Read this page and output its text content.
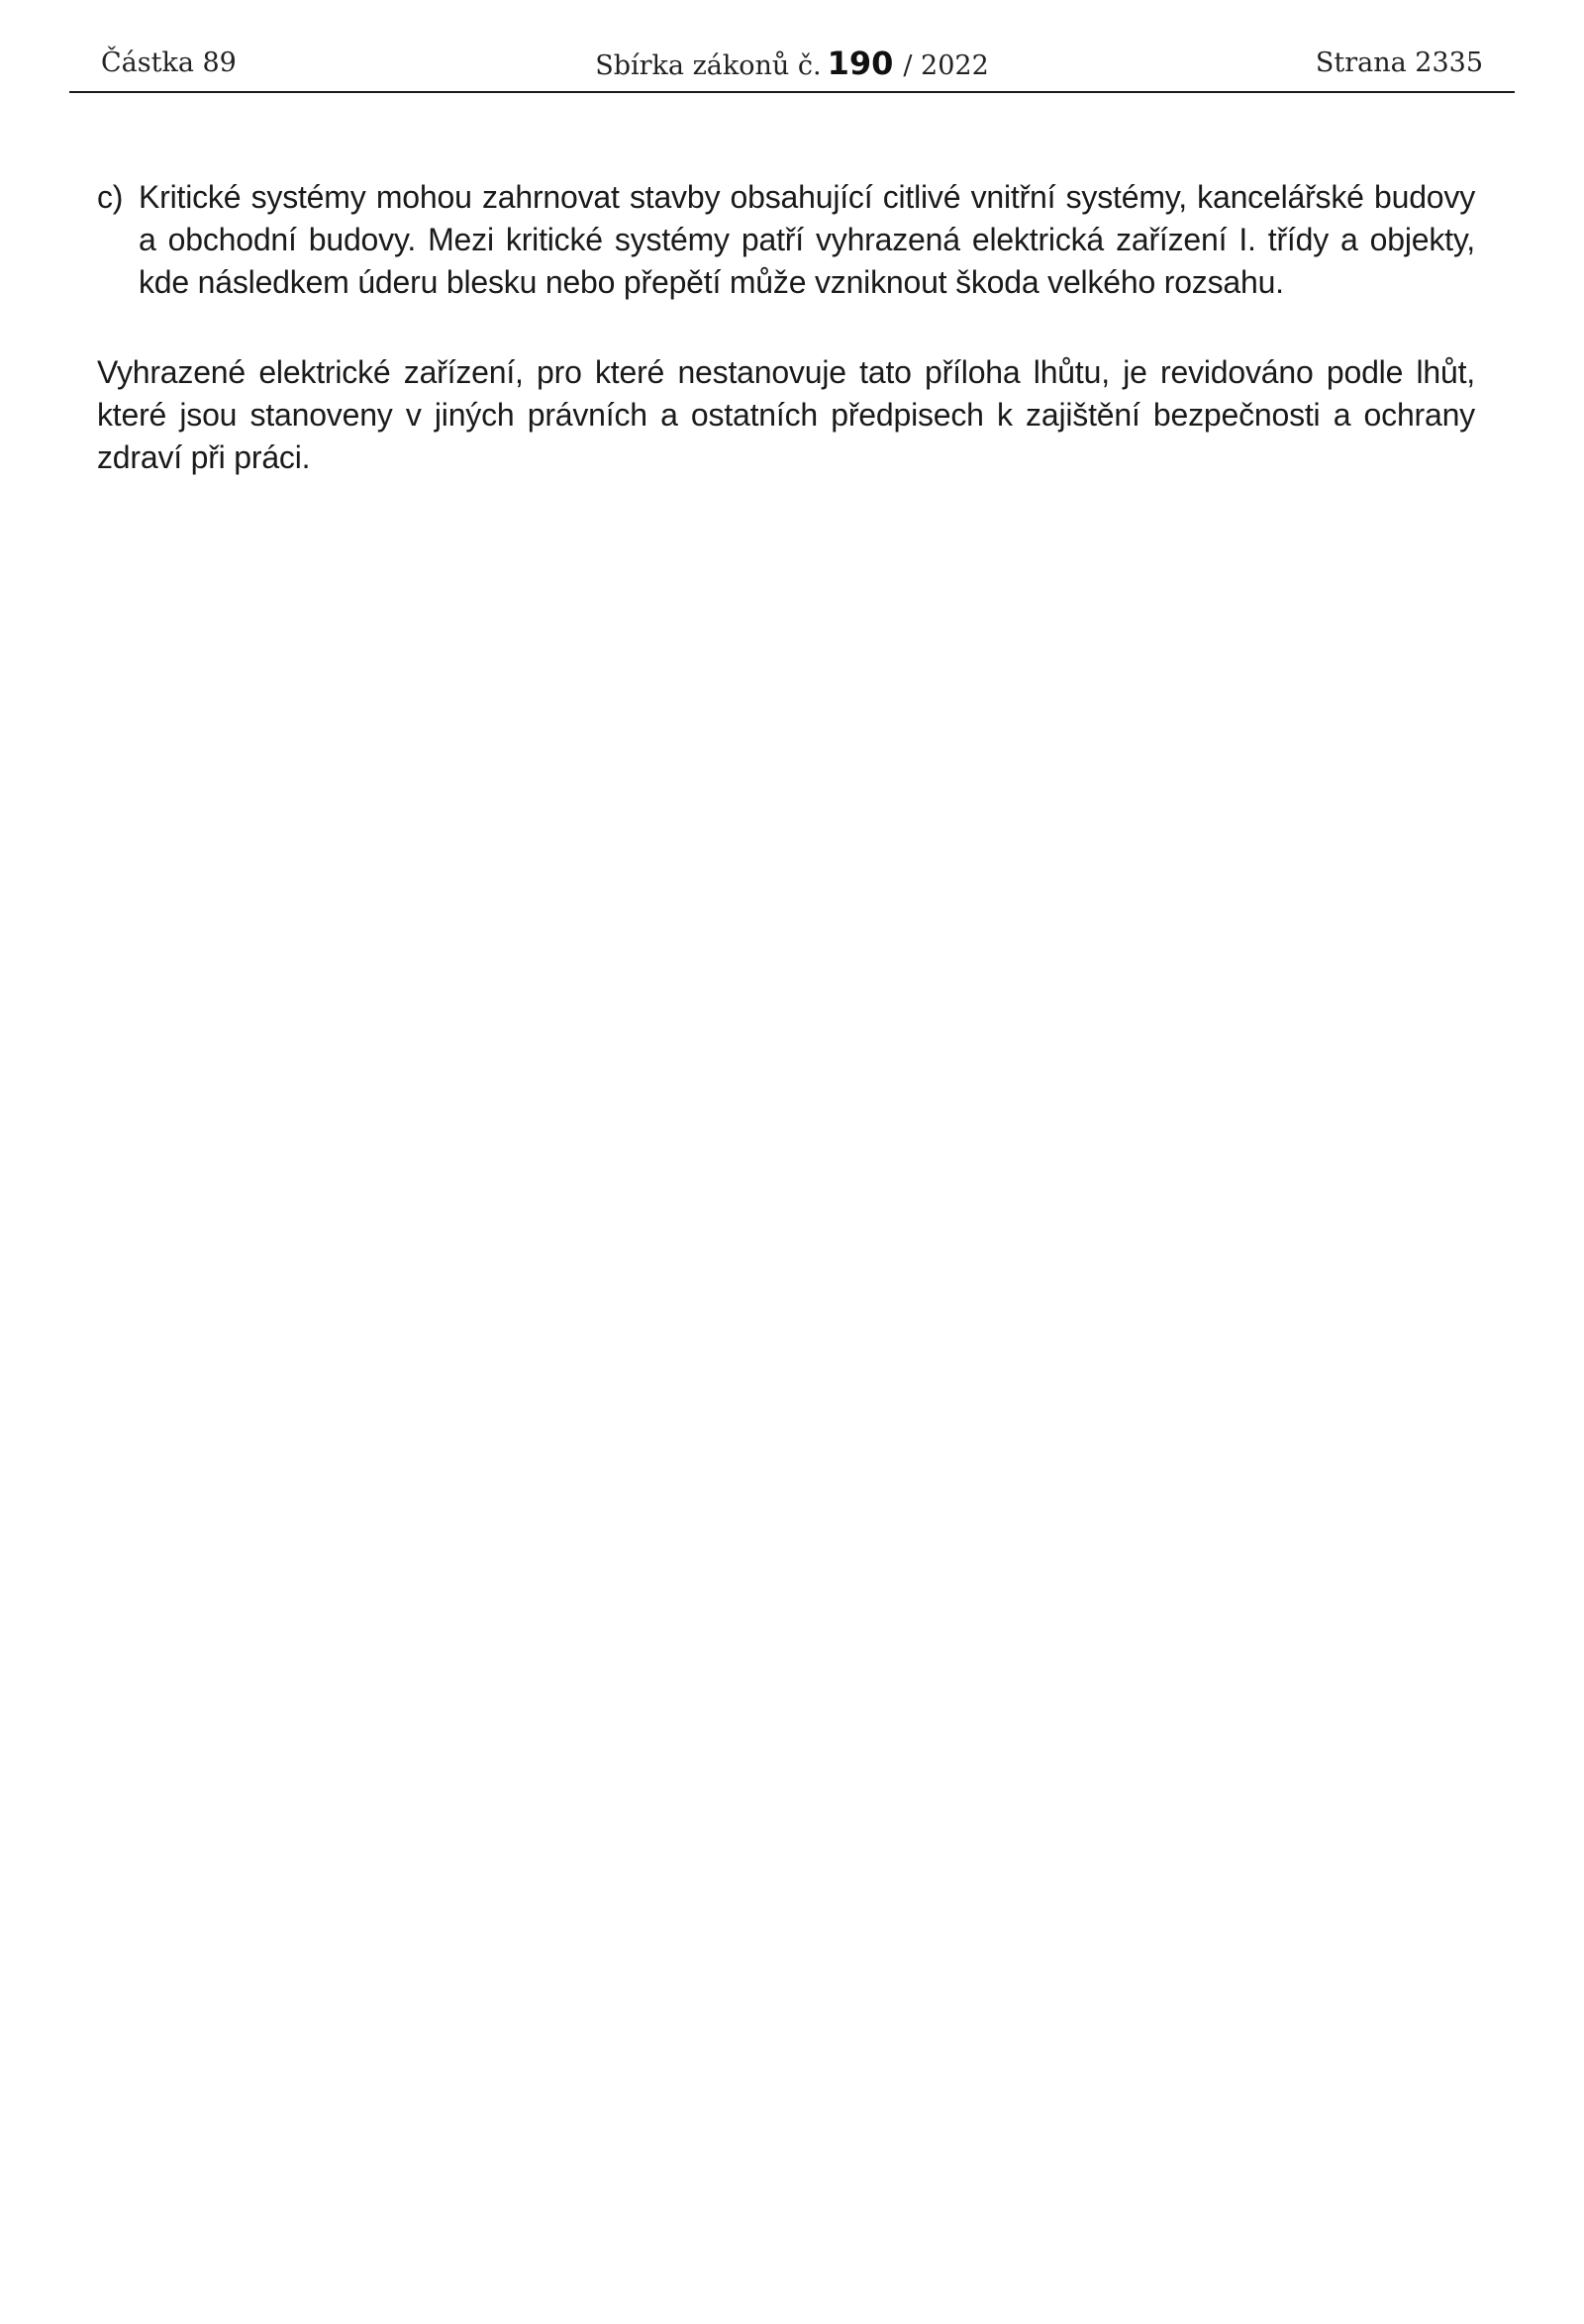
Částka 89	Sbírka zákonů č. 190 / 2022	Strana 2335
c) Kritické systémy mohou zahrnovat stavby obsahující citlivé vnitřní systémy, kancelářské budovy a obchodní budovy. Mezi kritické systémy patří vyhrazená elektrická zařízení I. třídy a objekty, kde následkem úderu blesku nebo přepětí může vzniknout škoda velkého rozsahu.
Vyhrazené elektrické zařízení, pro které nestanovuje tato příloha lhůtu, je revidováno podle lhůt, které jsou stanoveny v jiných právních a ostatních předpisech k zajištění bezpečnosti a ochrany zdraví při práci.
